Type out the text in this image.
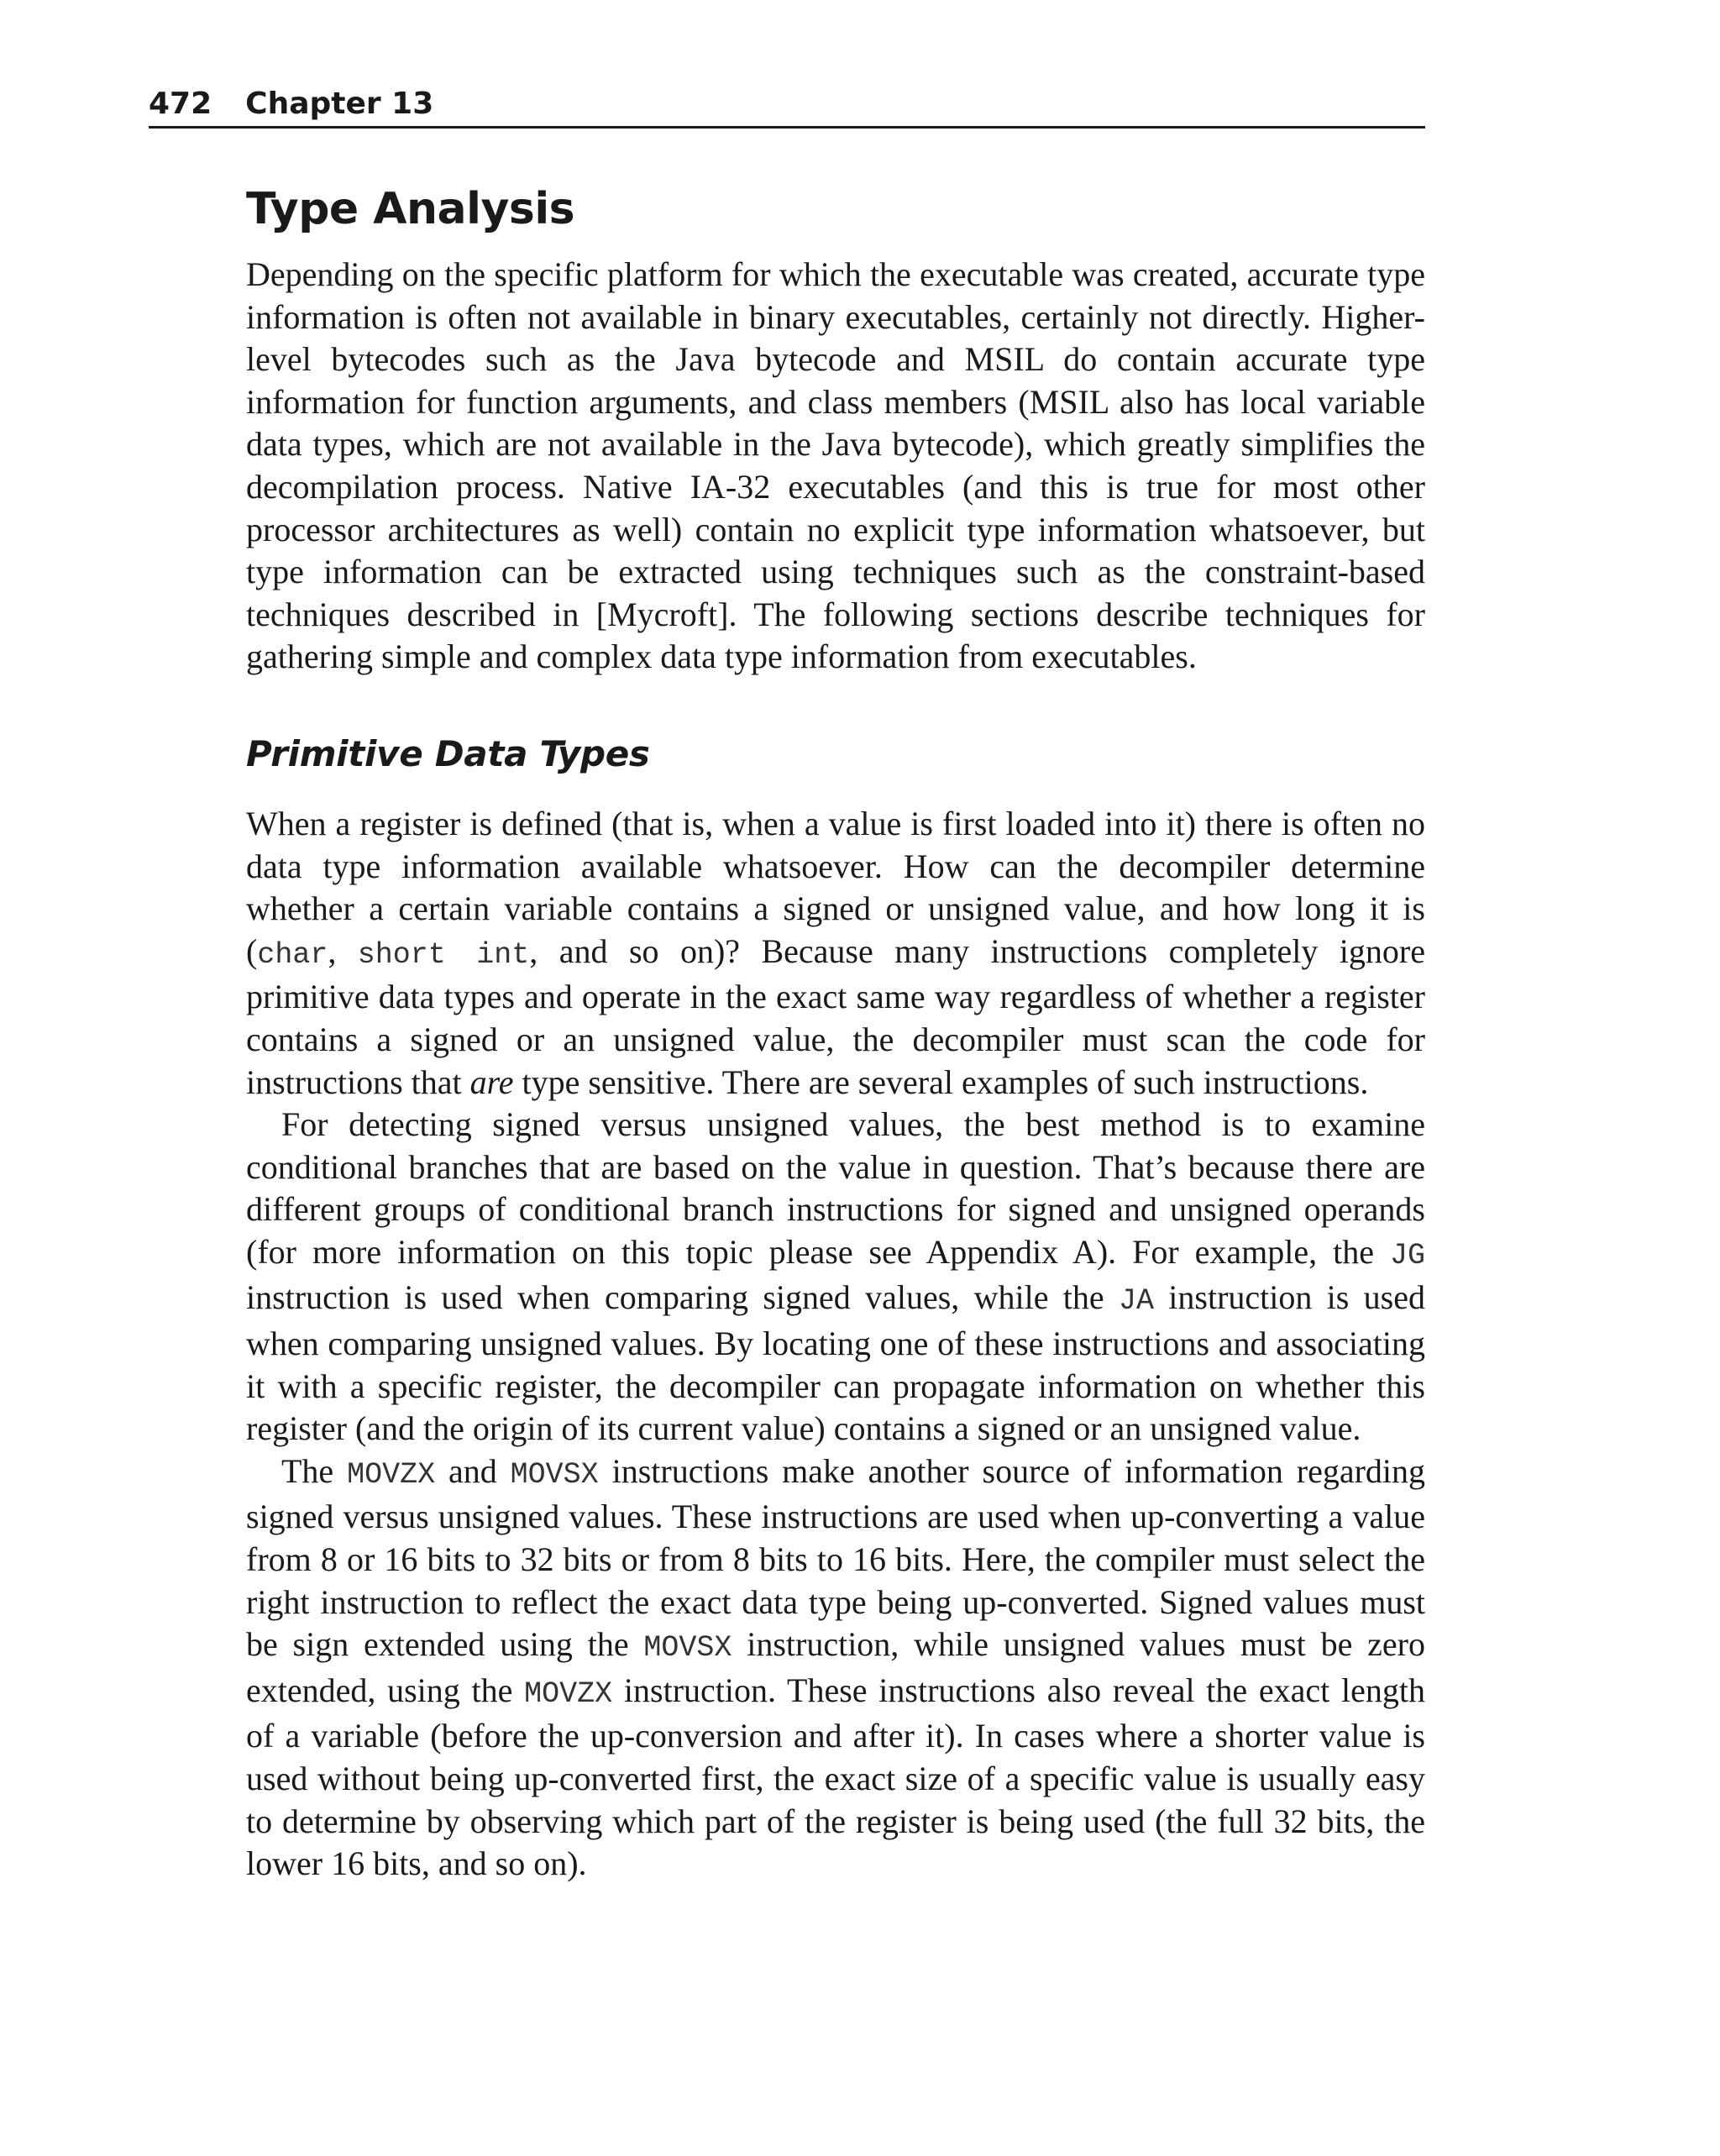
472 Chapter 13
Type Analysis

Depending on the specific platform for which the executable was created, accurate type information is often not available in binary executables, certainly not directly. Higher-level bytecodes such as the Java bytecode and MSIL do contain accurate type information for function arguments, and class members (MSIL also has local variable data types, which are not available in the Java bytecode), which greatly simplifies the decompilation process. Native IA-32 executables (and this is true for most other processor architectures as well) contain no explicit type information whatsoever, but type information can be extracted using techniques such as the constraint-based techniques described in [Mycroft]. The following sections describe techniques for gathering simple and complex data type information from executables.

Primitive Data Types

When a register is defined (that is, when a value is first loaded into it) there is often no data type information available whatsoever. How can the decompiler determine whether a certain variable contains a signed or unsigned value, and how long it is (char, short int, and so on)? Because many instructions completely ignore primitive data types and operate in the exact same way regardless of whether a register contains a signed or an unsigned value, the decompiler must scan the code for instructions that are type sensitive. There are several examples of such instructions.

For detecting signed versus unsigned values, the best method is to examine conditional branches that are based on the value in question. That’s because there are different groups of conditional branch instructions for signed and unsigned operands (for more information on this topic please see Appendix A). For example, the JG instruction is used when comparing signed values, while the JA instruction is used when comparing unsigned values. By locating one of these instructions and associating it with a specific register, the decompiler can propagate information on whether this register (and the origin of its current value) contains a signed or an unsigned value.

The MOVZX and MOVSX instructions make another source of information regarding signed versus unsigned values. These instructions are used when up-converting a value from 8 or 16 bits to 32 bits or from 8 bits to 16 bits. Here, the compiler must select the right instruction to reflect the exact data type being up-converted. Signed values must be sign extended using the MOVSX instruction, while unsigned values must be zero extended, using the MOVZX instruction. These instructions also reveal the exact length of a variable (before the up-conversion and after it). In cases where a shorter value is used without being up-converted first, the exact size of a specific value is usually easy to determine by observing which part of the register is being used (the full 32 bits, the lower 16 bits, and so on).
